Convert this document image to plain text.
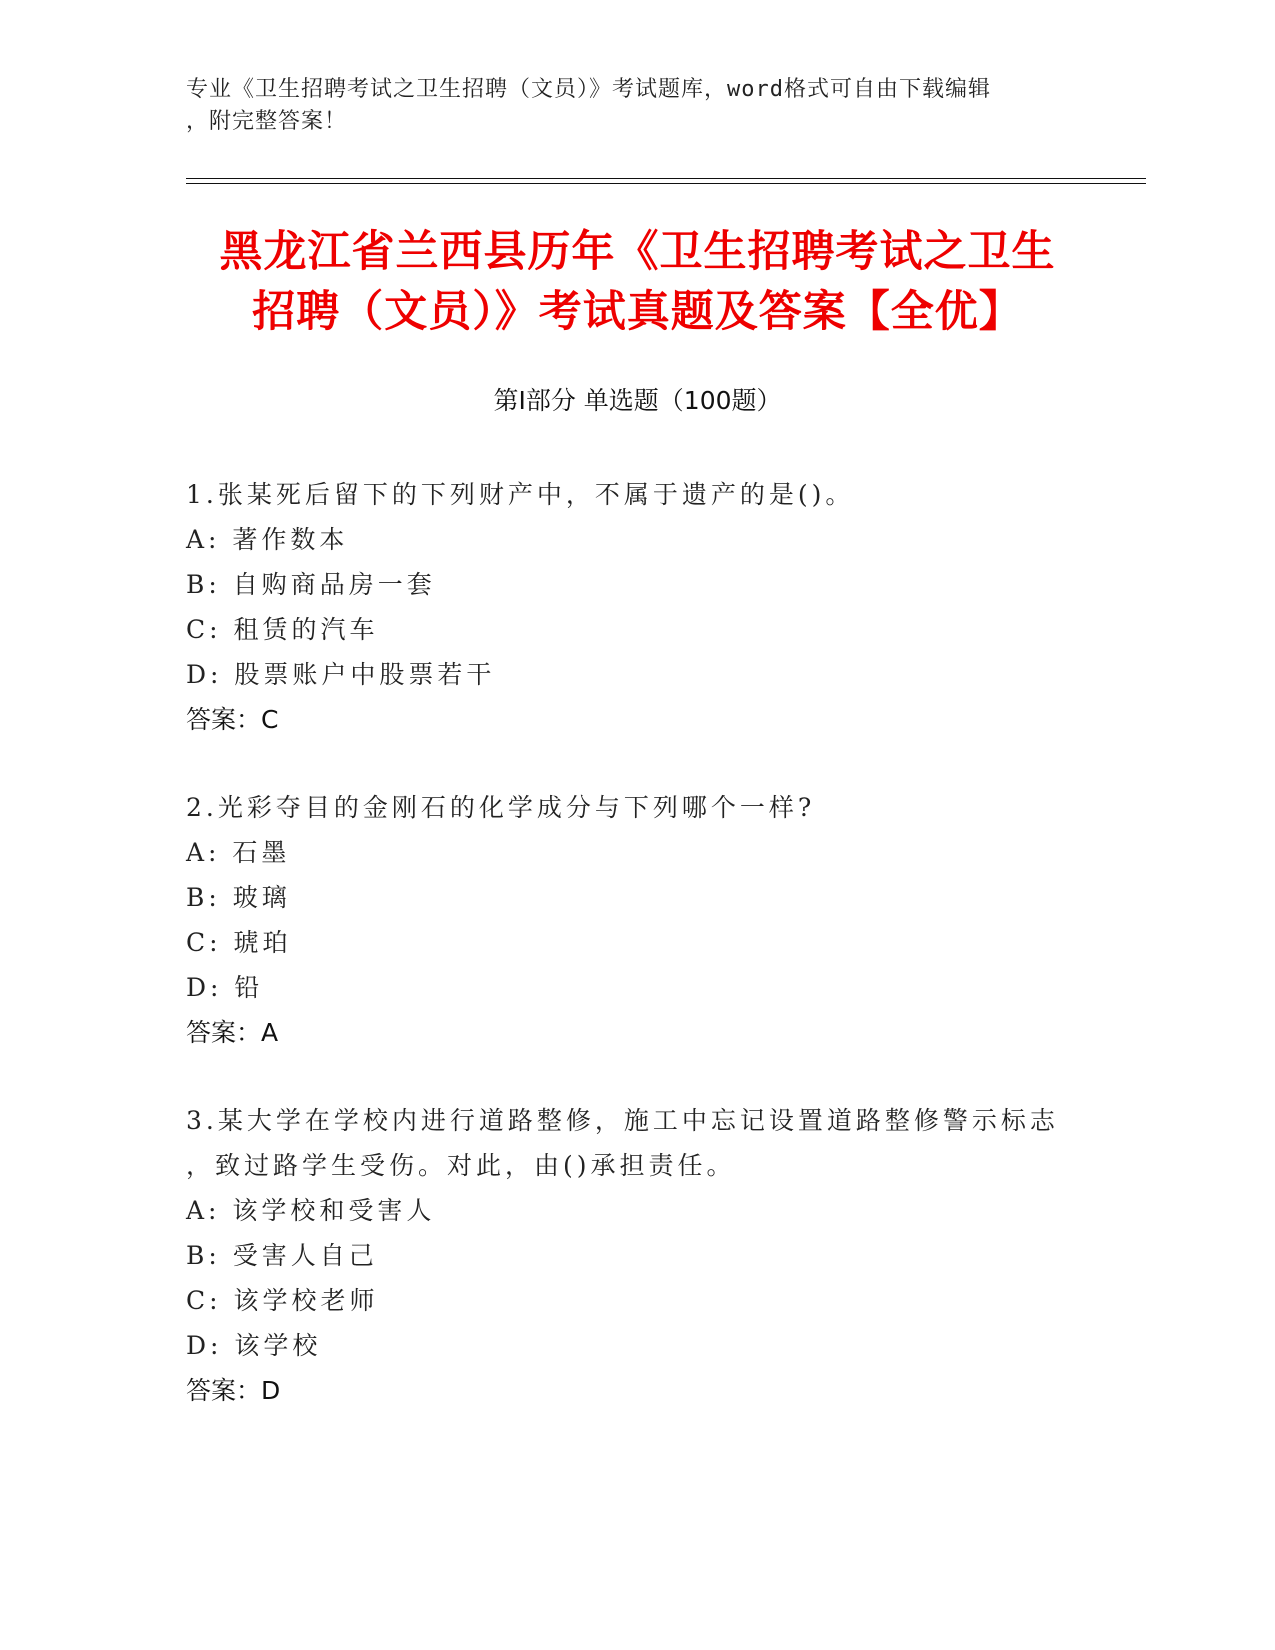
专业《卫生招聘考试之卫生招聘（文员）》考试题库，word格式可自由下载编辑
，附完整答案！
黑龙江省兰西县历年《卫生招聘考试之卫生
招聘（文员）》考试真题及答案【全优】
第Ⅰ部分 单选题（100题）

1.张某死后留下的下列财产中，不属于遗产的是()。

A: 著作数本

B: 自购商品房一套

C: 租赁的汽车

D: 股票账户中股票若干

答案：C

2.光彩夺目的金刚石的化学成分与下列哪个一样?

A: 石墨

B: 玻璃

C: 琥珀

D: 铅

答案：A

3.某大学在学校内进行道路整修，施工中忘记设置道路整修警示标志

，致过路学生受伤。对此，由()承担责任。

A: 该学校和受害人

B: 受害人自己

C: 该学校老师

D: 该学校

答案：D
